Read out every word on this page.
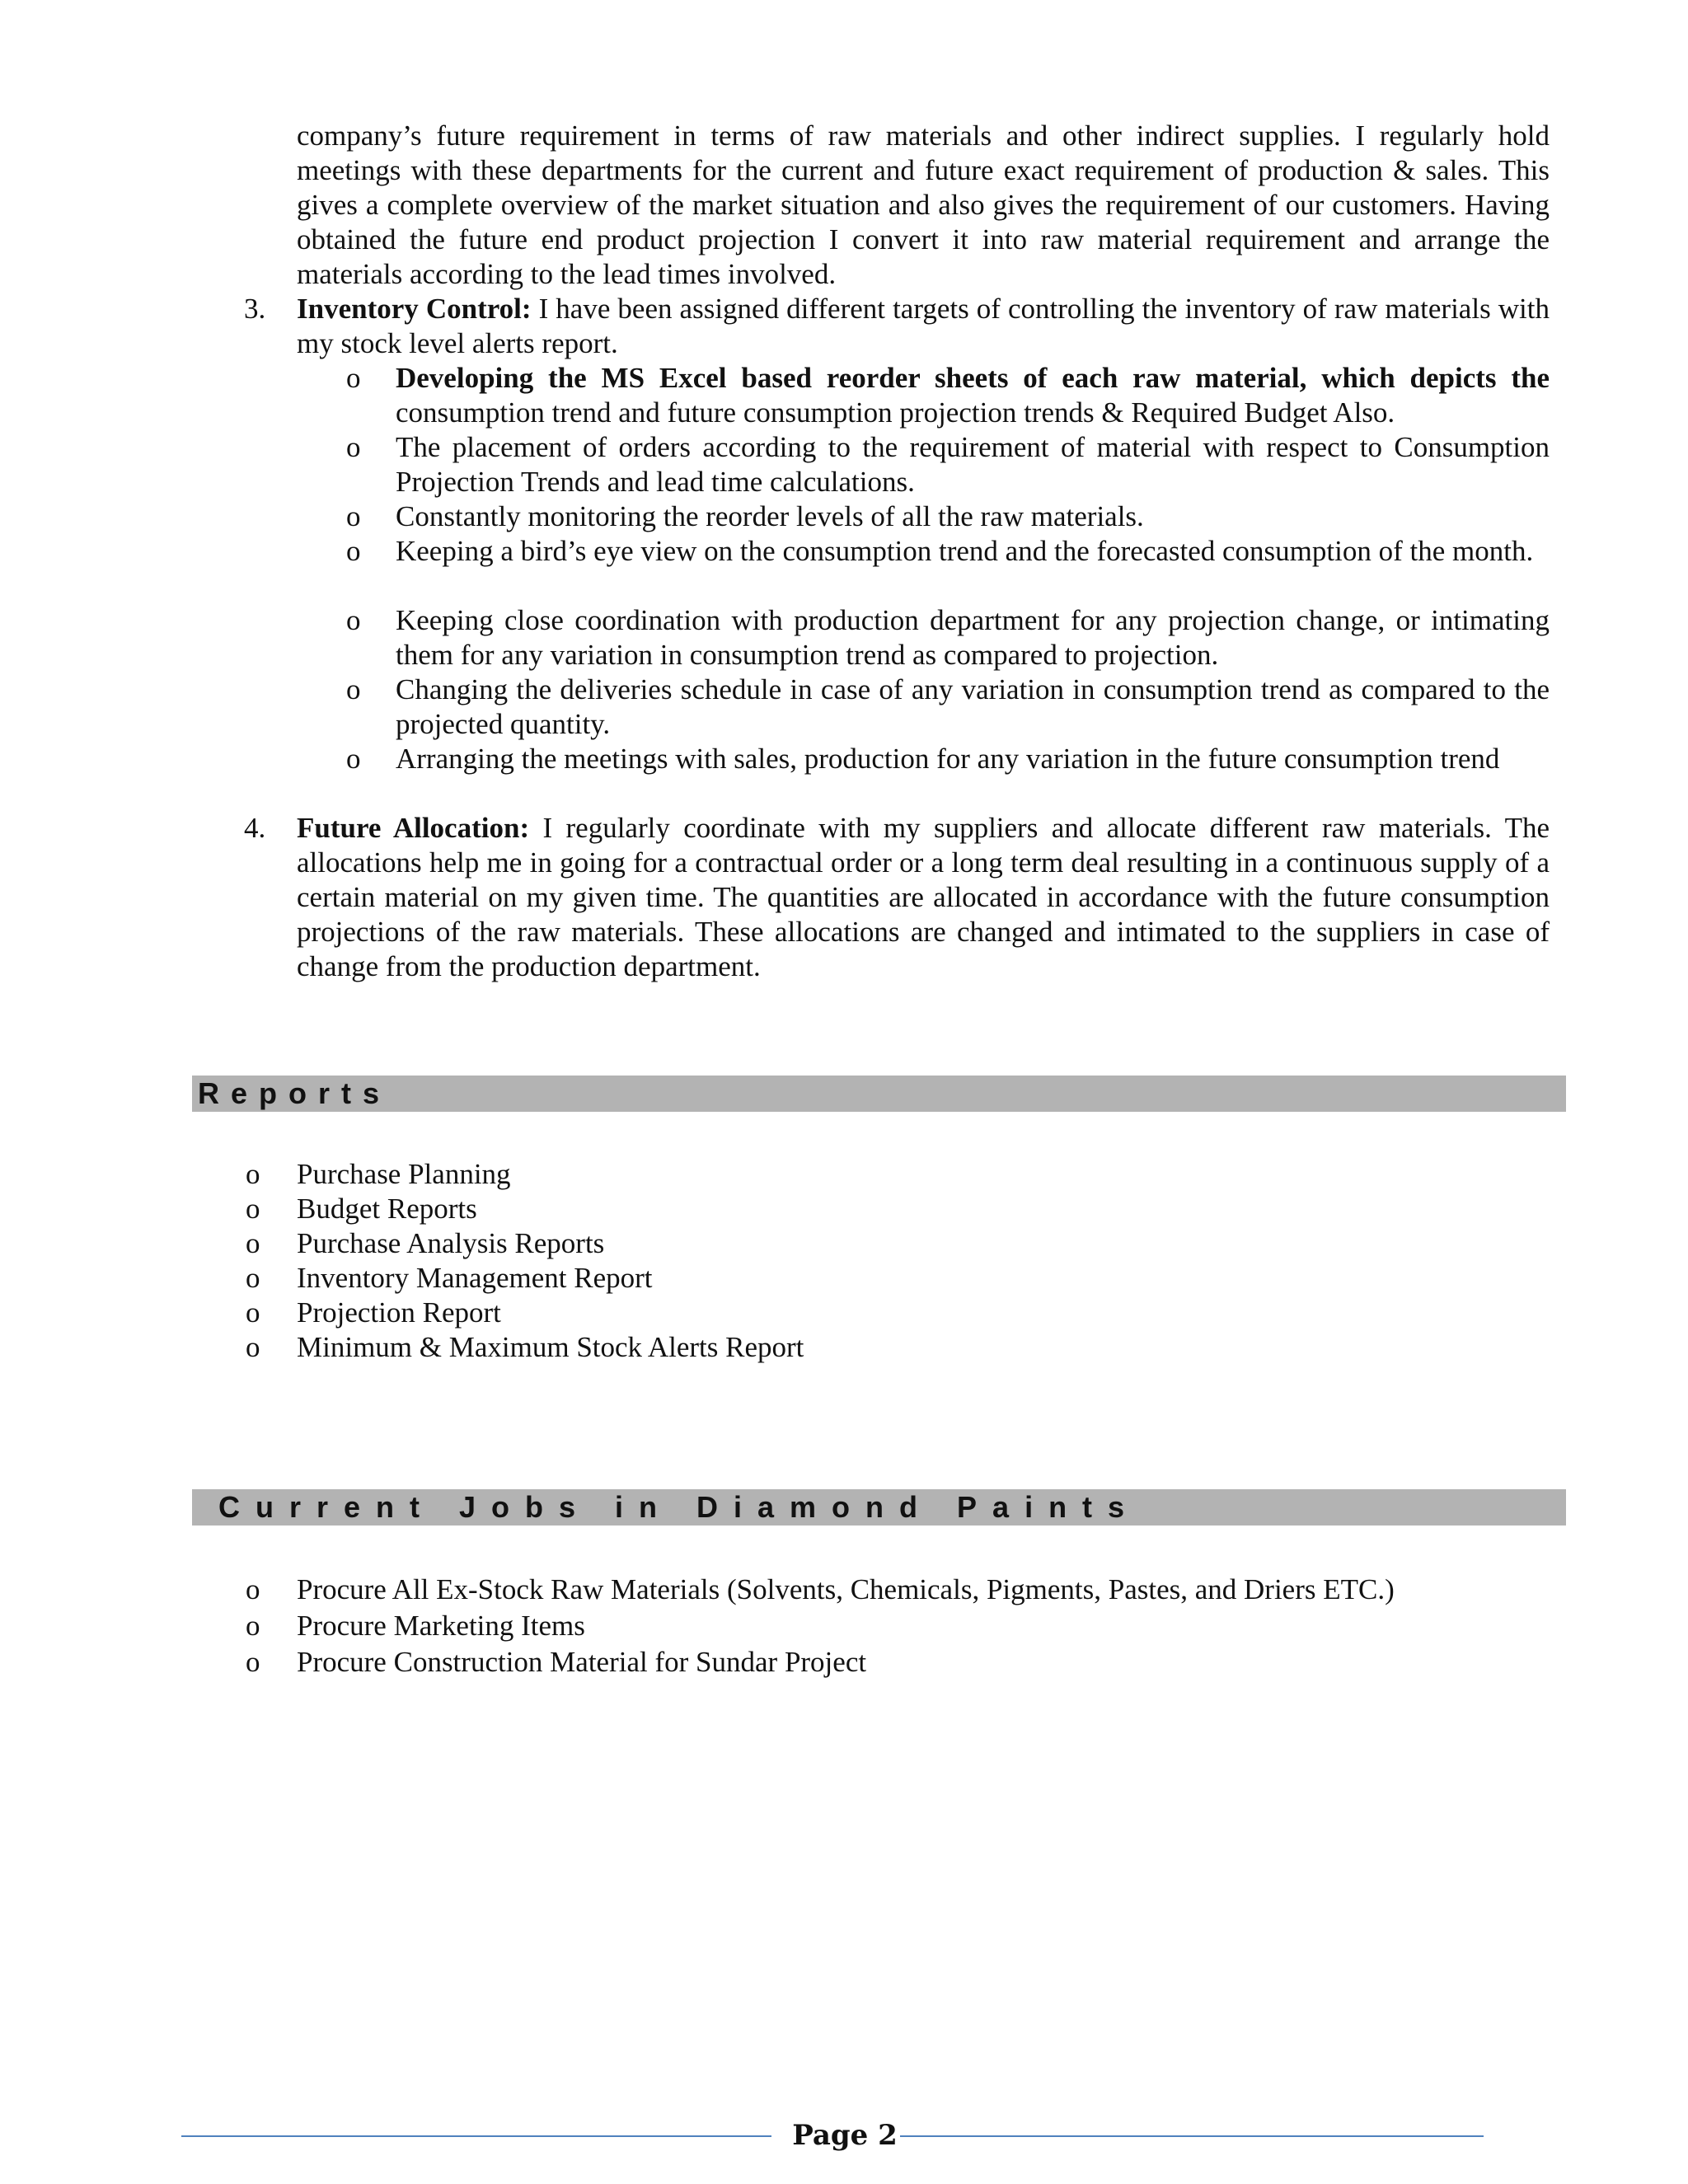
company’s future requirement in terms of raw materials and other indirect supplies. I regularly hold meetings with these departments for the current and future exact requirement of production & sales. This gives a complete overview of the market situation and also gives the requirement of our customers. Having obtained the future end product projection I convert it into raw material requirement and arrange the materials according to the lead times involved.

3. Inventory Control: I have been assigned different targets of controlling the inventory of raw materials with my stock level alerts report.

o Developing the MS Excel based reorder sheets of each raw material, which depicts the consumption trend and future consumption projection trends & Required Budget Also.

o The placement of orders according to the requirement of material with respect to Consumption Projection Trends and lead time calculations.

o Constantly monitoring the reorder levels of all the raw materials.

o Keeping a bird’s eye view on the consumption trend and the forecasted consumption of the month.

o Keeping close coordination with production department for any projection change, or intimating them for any variation in consumption trend as compared to projection.

o Changing the deliveries schedule in case of any variation in consumption trend as compared to the projected quantity.

o Arranging the meetings with sales, production for any variation in the future consumption trend

4. Future Allocation: I regularly coordinate with my suppliers and allocate different raw materials. The allocations help me in going for a contractual order or a long term deal resulting in a continuous supply of a certain material on my given time. The quantities are allocated in accordance with the future consumption projections of the raw materials. These allocations are changed and intimated to the suppliers in case of change from the production department.

Reports
o Purchase Planning
o Budget Reports
o Purchase Analysis Reports
o Inventory Management Report
o Projection Report
o Minimum & Maximum Stock Alerts Report
Current Jobs in Diamond Paints
o Procure All Ex-Stock Raw Materials (Solvents, Chemicals, Pigments, Pastes, and Driers ETC.)
o Procure Marketing Items
o Procure Construction Material for Sundar Project
Page 2
